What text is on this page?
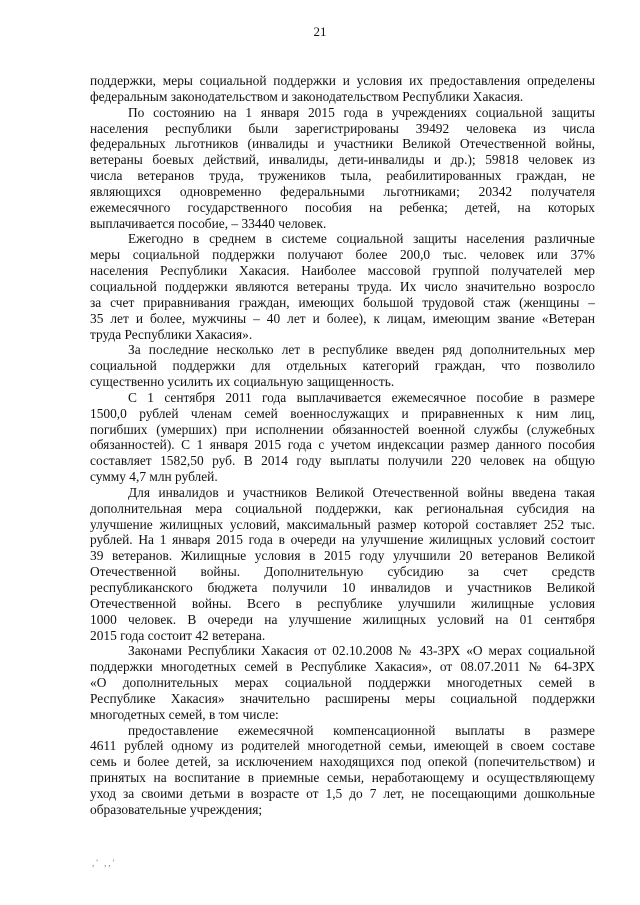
21

поддержки, меры социальной поддержки и условия их предоставления определены
федеральным законодательством и законодательством Республики Хакасия.

По состоянию на 1 января 2015 года в учреждениях социальной защиты
населения республики были зарегистрированы 39492 человека из числа
федеральных льготников (инвалиды и участники Великой Отечественной войны,
ветераны боевых действий, инвалиды, дети-инвалиды и др.); 59818 человек из
числа ветеранов труда, тружеников тыла, реабилитированных граждан, не
являющихся одновременно федеральными льготниками; 20342 получателя
ежемесячного государственного пособия на ребенка; детей, на которых
выплачивается пособие, – 33440 человек.

Ежегодно в среднем в системе социальной защиты населения различные
меры социальной поддержки получают более 200,0 тыс. человек или 37%
населения Республики Хакасия. Наиболее массовой группой получателей мер
социальной поддержки являются ветераны труда. Их число значительно возросло
за счет приравнивания граждан, имеющих большой трудовой стаж (женщины –
35 лет и более, мужчины – 40 лет и более), к лицам, имеющим звание «Ветеран
труда Республики Хакасия».

За последние несколько лет в республике введен ряд дополнительных мер
социальной поддержки для отдельных категорий граждан, что позволило
существенно усилить их социальную защищенность.

С 1 сентября 2011 года выплачивается ежемесячное пособие в размере
1500,0 рублей членам семей военнослужащих и приравненных к ним лиц,
погибших (умерших) при исполнении обязанностей военной службы (служебных
обязанностей). С 1 января 2015 года с учетом индексации размер данного пособия
составляет 1582,50 руб. В 2014 году выплаты получили 220 человек на общую
сумму 4,7 млн рублей.

Для инвалидов и участников Великой Отечественной войны введена такая
дополнительная мера социальной поддержки, как региональная субсидия на
улучшение жилищных условий, максимальный размер которой составляет 252 тыс.
рублей. На 1 января 2015 года в очереди на улучшение жилищных условий состоит
39 ветеранов. Жилищные условия в 2015 году улучшили 20 ветеранов Великой
Отечественной войны. Дополнительную субсидию за счет средств
республиканского бюджета получили 10 инвалидов и участников Великой
Отечественной войны. Всего в республике улучшили жилищные условия
1000 человек. В очереди на улучшение жилищных условий на 01 сентября
2015 года состоит 42 ветерана.

Законами Республики Хакасия от 02.10.2008 № 43-ЗРХ «О мерах социальной
поддержки многодетных семей в Республике Хакасия», от 08.07.2011 № 64-ЗРХ
«О дополнительных мерах социальной поддержки многодетных семей в
Республике Хакасия» значительно расширены меры социальной поддержки
многодетных семей, в том числе:

предоставление ежемесячной компенсационной выплаты в размере
4611 рублей одному из родителей многодетной семьи, имеющей в своем составе
семь и более детей, за исключением находящихся под опекой (попечительством) и
принятых на воспитание в приемные семьи, неработающему и осуществляющему
уход за своими детьми в возрасте от 1,5 до 7 лет, не посещающими дошкольные
образовательные учреждения;

,' ,,'
